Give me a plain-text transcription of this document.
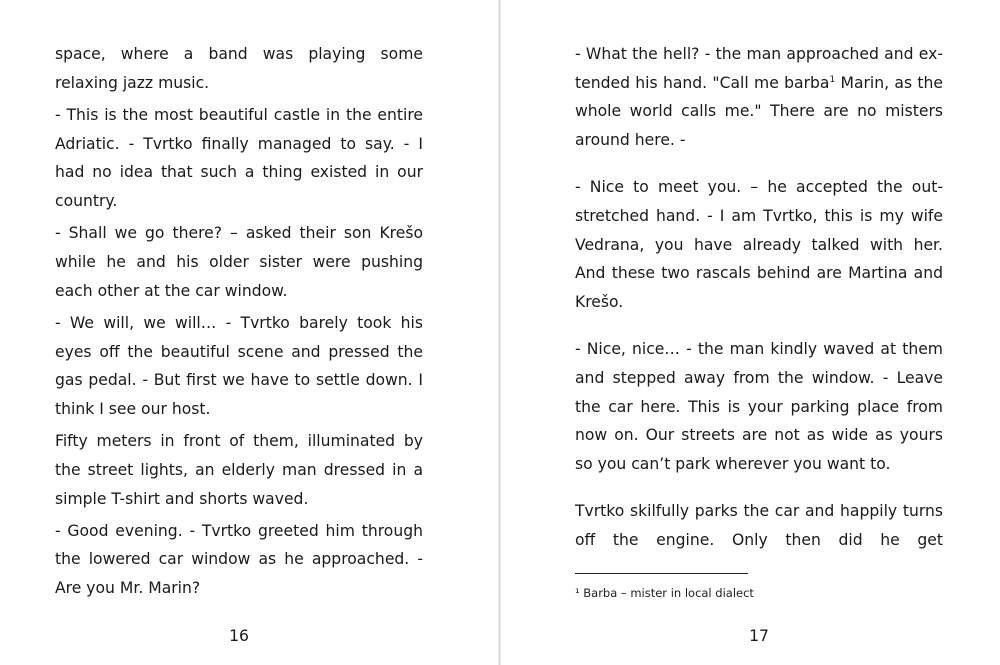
space, where a band was playing some relaxing jazz music.

- This is the most beautiful castle in the entire Adriatic. - Tvrtko finally managed to say. - I had no idea that such a thing existed in our country.

- Shall we go there? – asked their son Krešo while he and his older sister were pushing each other at the car window.

- We will, we will… - Tvrtko barely took his eyes off the beautiful scene and pressed the gas pedal. - But first we have to settle down. I think I see our host.

Fifty meters in front of them, illuminated by the street lights, an elderly man dressed in a simple T-shirt and shorts waved.

- Good evening. - Tvrtko greeted him through the lowered car window as he approached. - Are you Mr. Marin?

16

- What the hell? - the man approached and extended his hand. "Call me barba$^1$ Marin, as the whole world calls me." There are no misters around here. -

- Nice to meet you. – he accepted the outstretched hand. - I am Tvrtko, this is my wife Vedrana, you have already talked with her. And these two rascals behind are Martina and Krešo.

- Nice, nice… - the man kindly waved at them and stepped away from the window. - Leave the car here. This is your parking place from now on. Our streets are not as wide as yours so you can’t park wherever you want to.

Tvrtko skilfully parks the car and happily turns off the engine. Only then did he get

¹ Barba – mister in local dialect
17
